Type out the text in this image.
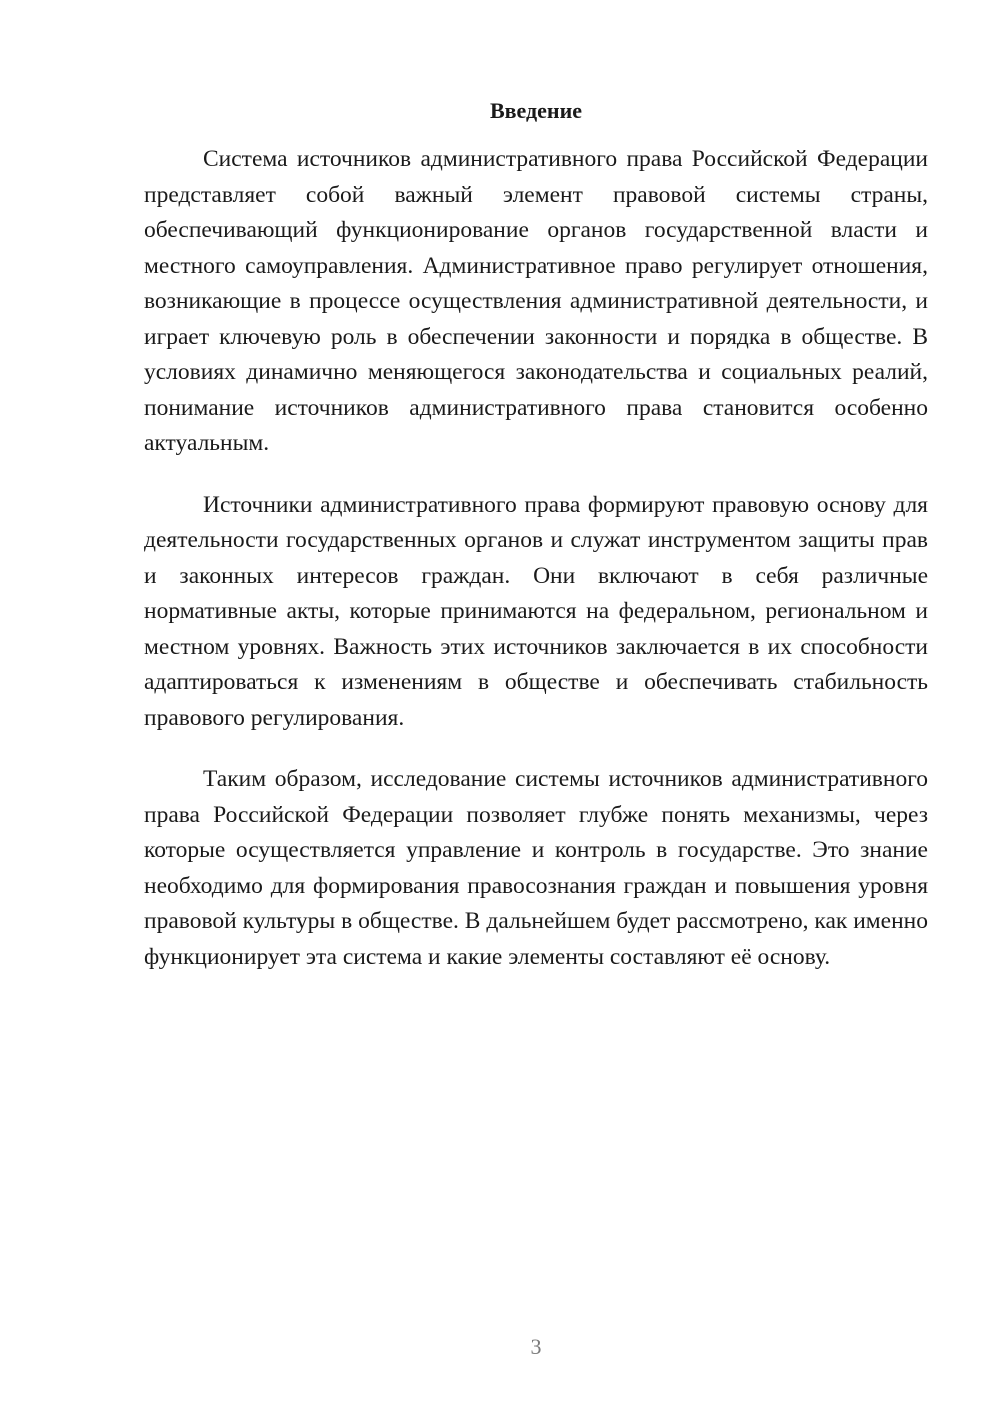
Введение

Система источников административного права Российской Федерации представляет собой важный элемент правовой системы страны, обеспечивающий функционирование органов государственной власти и местного самоуправления. Административное право регулирует отношения, возникающие в процессе осуществления административной деятельности, и играет ключевую роль в обеспечении законности и порядка в обществе. В условиях динамично меняющегося законодательства и социальных реалий, понимание источников административного права становится особенно актуальным.

Источники административного права формируют правовую основу для деятельности государственных органов и служат инструментом защиты прав и законных интересов граждан. Они включают в себя различные нормативные акты, которые принимаются на федеральном, региональном и местном уровнях. Важность этих источников заключается в их способности адаптироваться к изменениям в обществе и обеспечивать стабильность правового регулирования.

Таким образом, исследование системы источников административного права Российской Федерации позволяет глубже понять механизмы, через которые осуществляется управление и контроль в государстве. Это знание необходимо для формирования правосознания граждан и повышения уровня правовой культуры в обществе. В дальнейшем будет рассмотрено, как именно функционирует эта система и какие элементы составляют её основу.

3
